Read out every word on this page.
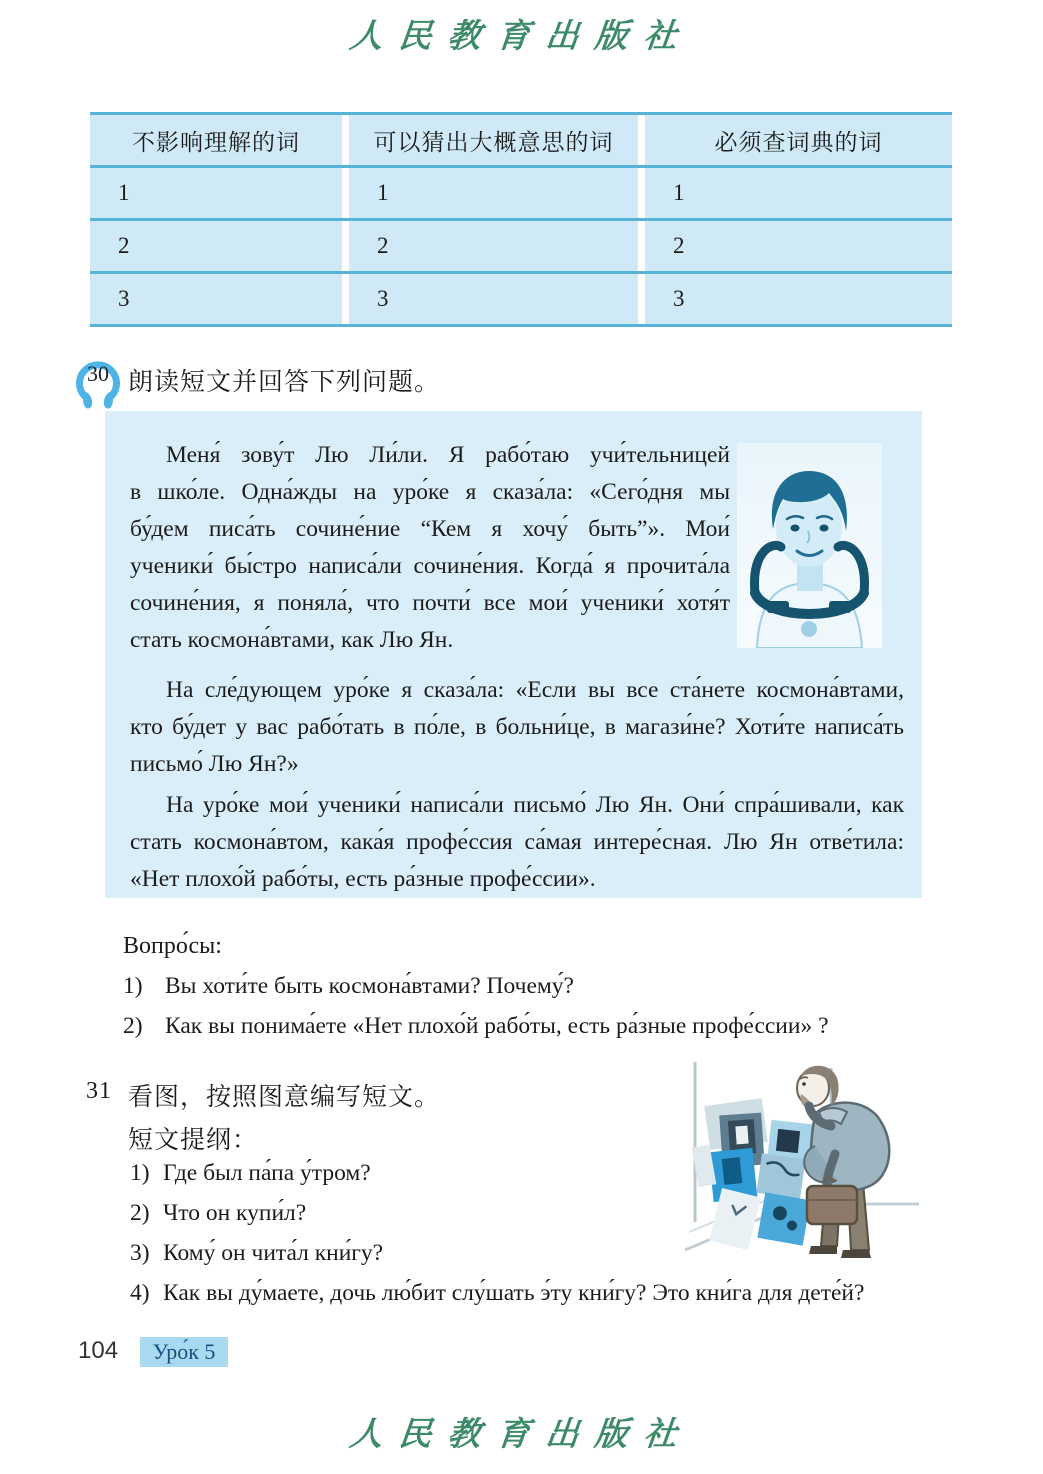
人民教育出版社
不影响理解的词	可以猜出大概意思的词	必须查词典的词
1	1	1
2	2	2
3	3	3
30 朗读短文并回答下列问题。
Меня́ зову́т Лю Ли́ли. Я рабо́таю учи́тельницей
в шко́ле. Одна́жды на уро́ке я сказа́ла: «Сего́дня мы
бу́дем писа́ть сочине́ние “Кем я хочу́ быть”». Мои́
ученики́ бы́стро написа́ли сочине́ния. Когда́ я прочита́ла
сочине́ния, я поняла́, что почти́ все мои́ ученики́ хотя́т
стать космона́втами, как Лю Ян.
На сле́дующем уро́ке я сказа́ла: «Если вы все ста́нете космона́втами,
кто бу́дет у вас рабо́тать в по́ле, в больни́це, в магази́не? Хоти́те написа́ть
письмо́ Лю Ян?»
На уро́ке мои́ ученики́ написа́ли письмо́ Лю Ян. Они́ спра́шивали, как
стать космона́втом, кака́я профе́ссия са́мая интере́сная. Лю Ян отве́тила:
«Нет плохо́й рабо́ты, есть ра́зные профе́ссии».
Вопро́сы:
1) Вы хоти́те быть космона́втами? Почему́?
2) Как вы понима́ете «Нет плохо́й рабо́ты, есть ра́зные профе́ссии» ?
31 看图，按照图意编写短文。
短文提纲：
1) Где был па́па у́тром?
2) Что он купи́л?
3) Кому́ он чита́л кни́гу?
4) Как вы ду́маете, дочь лю́бит слу́шать э́ту кни́гу? Это кни́га для дете́й?
104	Уро́к 5
人民教育出版社
